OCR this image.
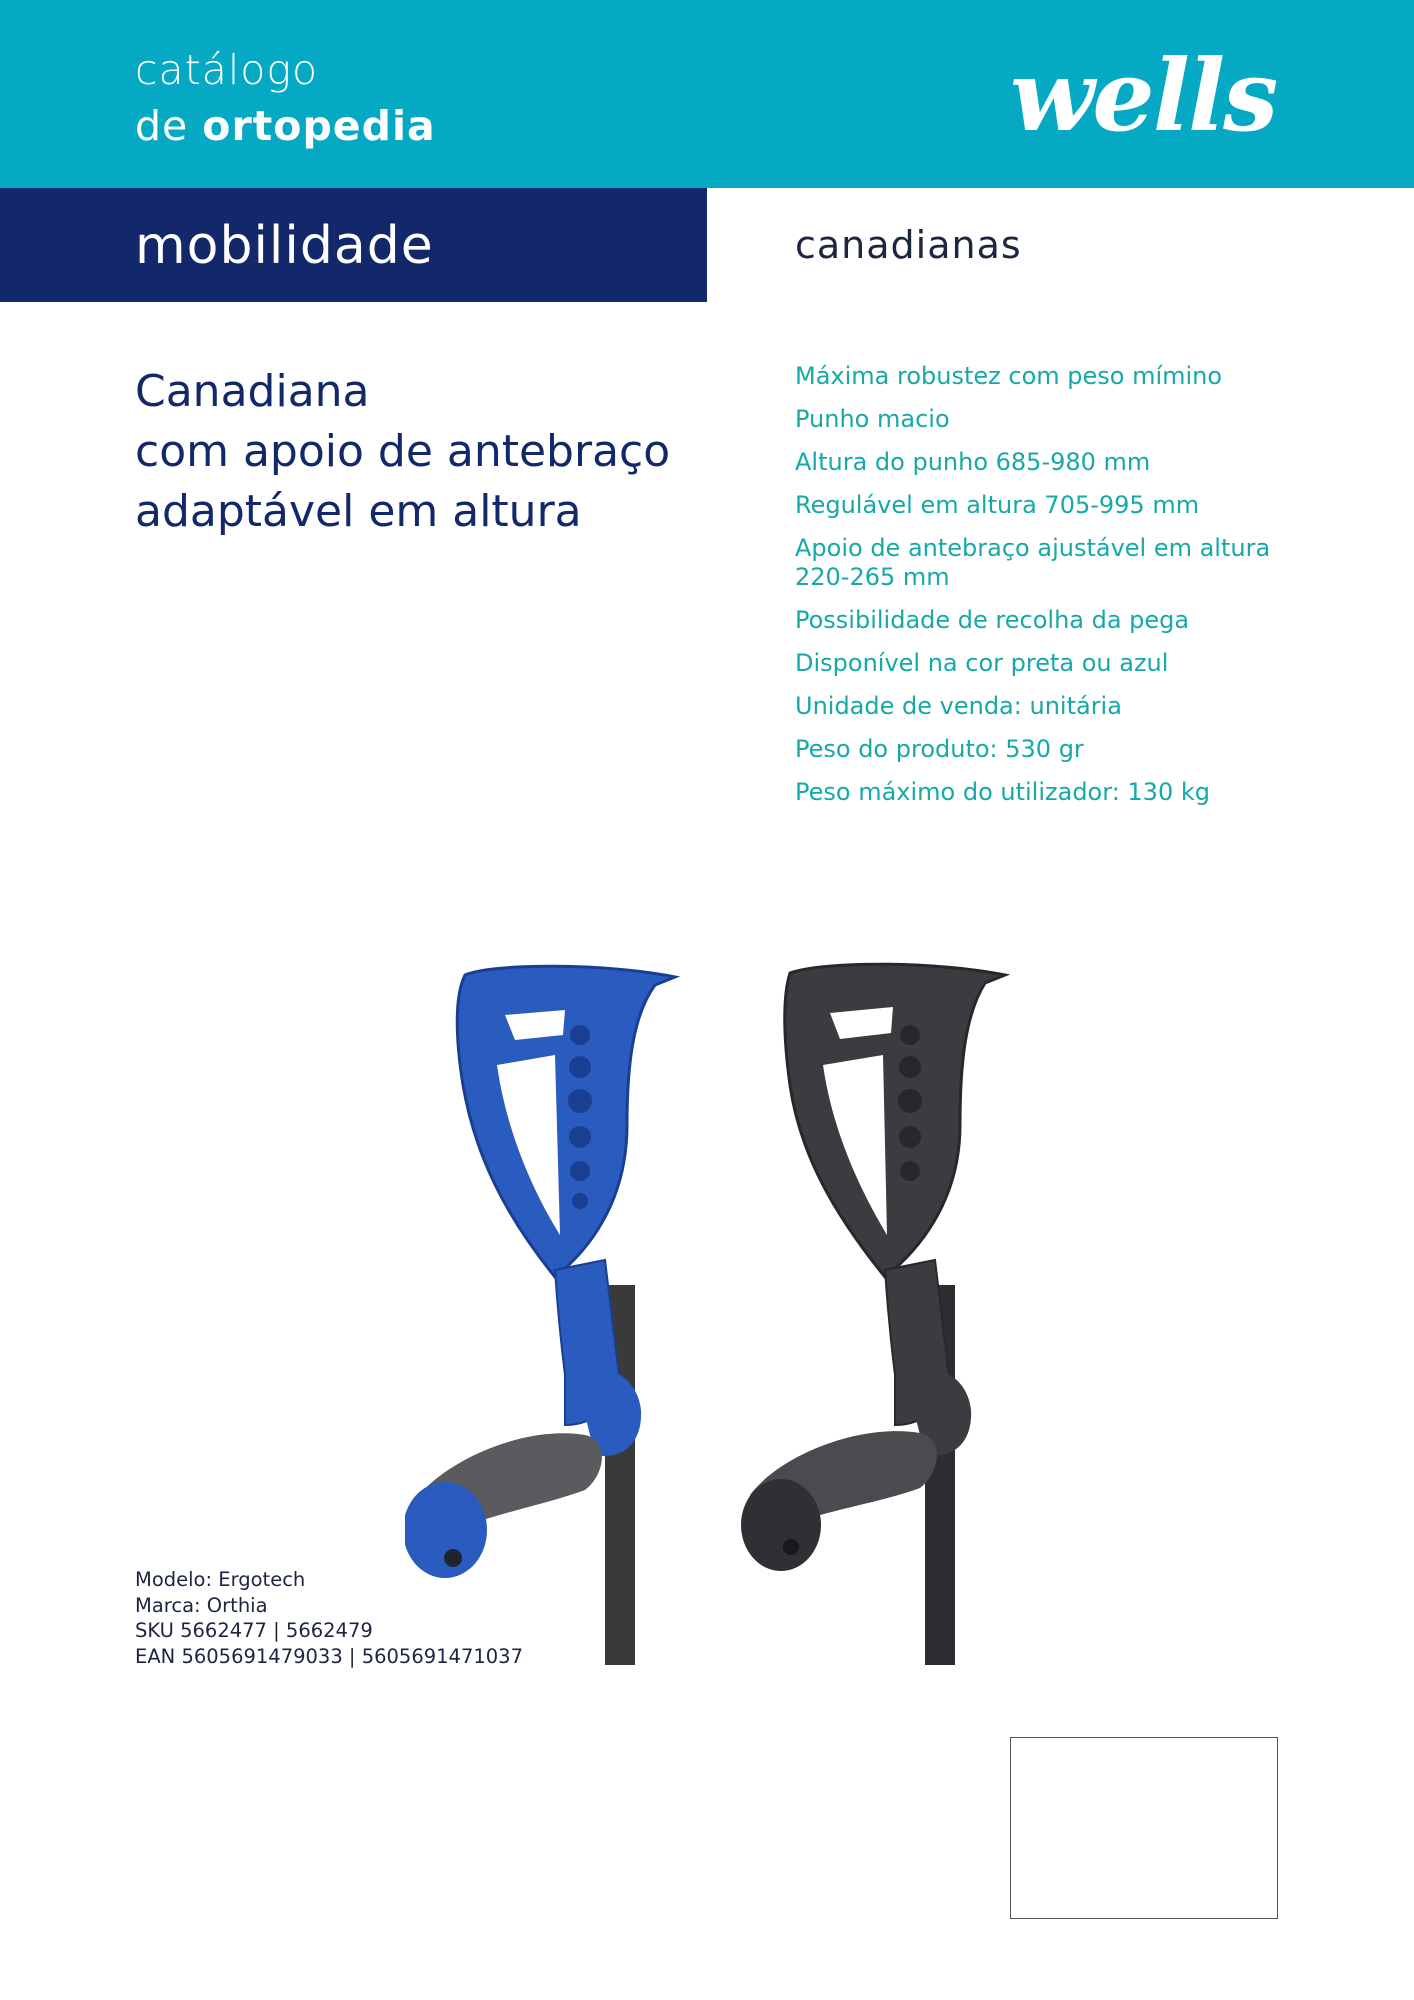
catálogo
de ortopedia	wells
mobilidade	canadianas
Canadiana
com apoio de antebraço
adaptável em altura
Máxima robustez com peso mímino
Punho macio
Altura do punho 685-980 mm
Regulável em altura 705-995 mm
Apoio de antebraço ajustável em altura 220-265 mm
Possibilidade de recolha da pega
Disponível na cor preta ou azul
Unidade de venda: unitária
Peso do produto: 530 gr
Peso máximo do utilizador: 130 kg
Modelo: Ergotech
Marca: Orthia
SKU 5662477 | 5662479
EAN 5605691479033 | 5605691471037
